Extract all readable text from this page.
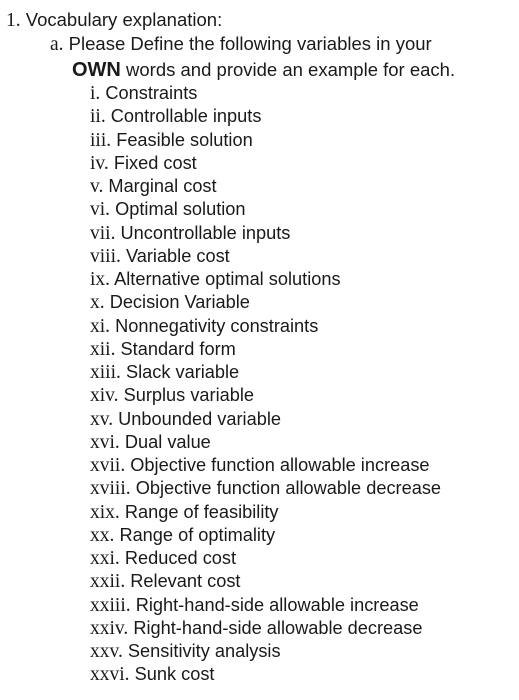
1. Vocabulary explanation:
a. Please Define the following variables in your
OWN words and provide an example for each.
i. Constraints
ii. Controllable inputs
iii. Feasible solution
iv. Fixed cost
v. Marginal cost
vi. Optimal solution
vii. Uncontrollable inputs
viii. Variable cost
ix. Alternative optimal solutions
x. Decision Variable
xi. Nonnegativity constraints
xii. Standard form
xiii. Slack variable
xiv. Surplus variable
xv. Unbounded variable
xvi. Dual value
xvii. Objective function allowable increase
xviii. Objective function allowable decrease
xix. Range of feasibility
xx. Range of optimality
xxi. Reduced cost
xxii. Relevant cost
xxiii. Right-hand-side allowable increase
xxiv. Right-hand-side allowable decrease
xxv. Sensitivity analysis
xxvi. Sunk cost
